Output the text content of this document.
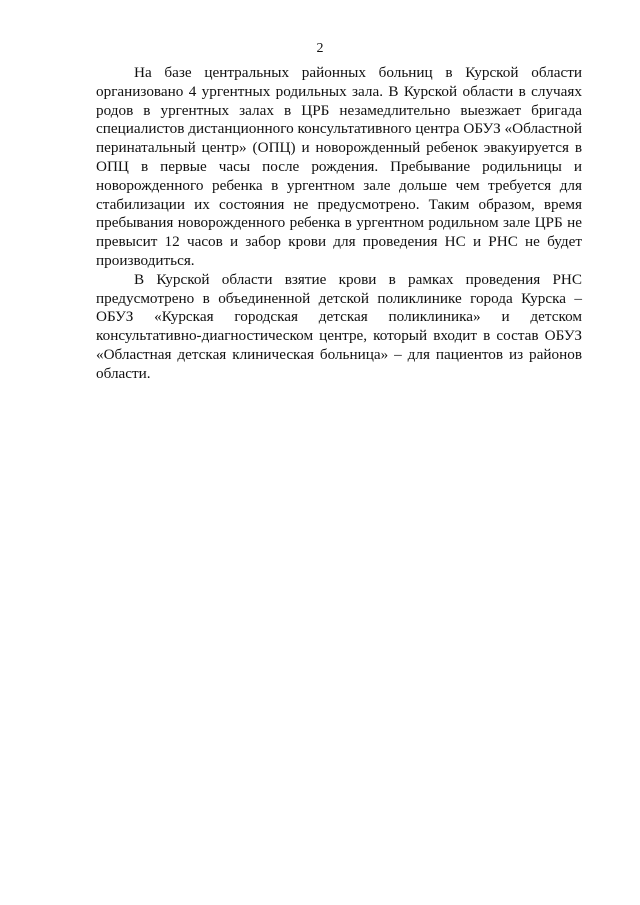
2

На базе центральных районных больниц в Курской области организовано 4 ургентных родильных зала. В Курской области в случаях родов в ургентных залах в ЦРБ незамедлительно выезжает бригада специалистов дистанционного консультативного центра ОБУЗ «Областной перинатальный центр» (ОПЦ) и новорожденный ребенок эвакуируется в ОПЦ в первые часы после рождения. Пребывание родильницы и новорожденного ребенка в ургентном зале дольше чем требуется для стабилизации их состояния не предусмотрено. Таким образом, время пребывания новорожденного ребенка в ургентном родильном зале ЦРБ не превысит 12 часов и забор крови для проведения НС и РНС не будет производиться.

В Курской области взятие крови в рамках проведения РНС предусмотрено в объединенной детской поликлинике города Курска – ОБУЗ «Курская городская детская поликлиника» и детском консультативно-диагностическом центре, который входит в состав ОБУЗ «Областная детская клиническая больница» – для пациентов из районов области.
